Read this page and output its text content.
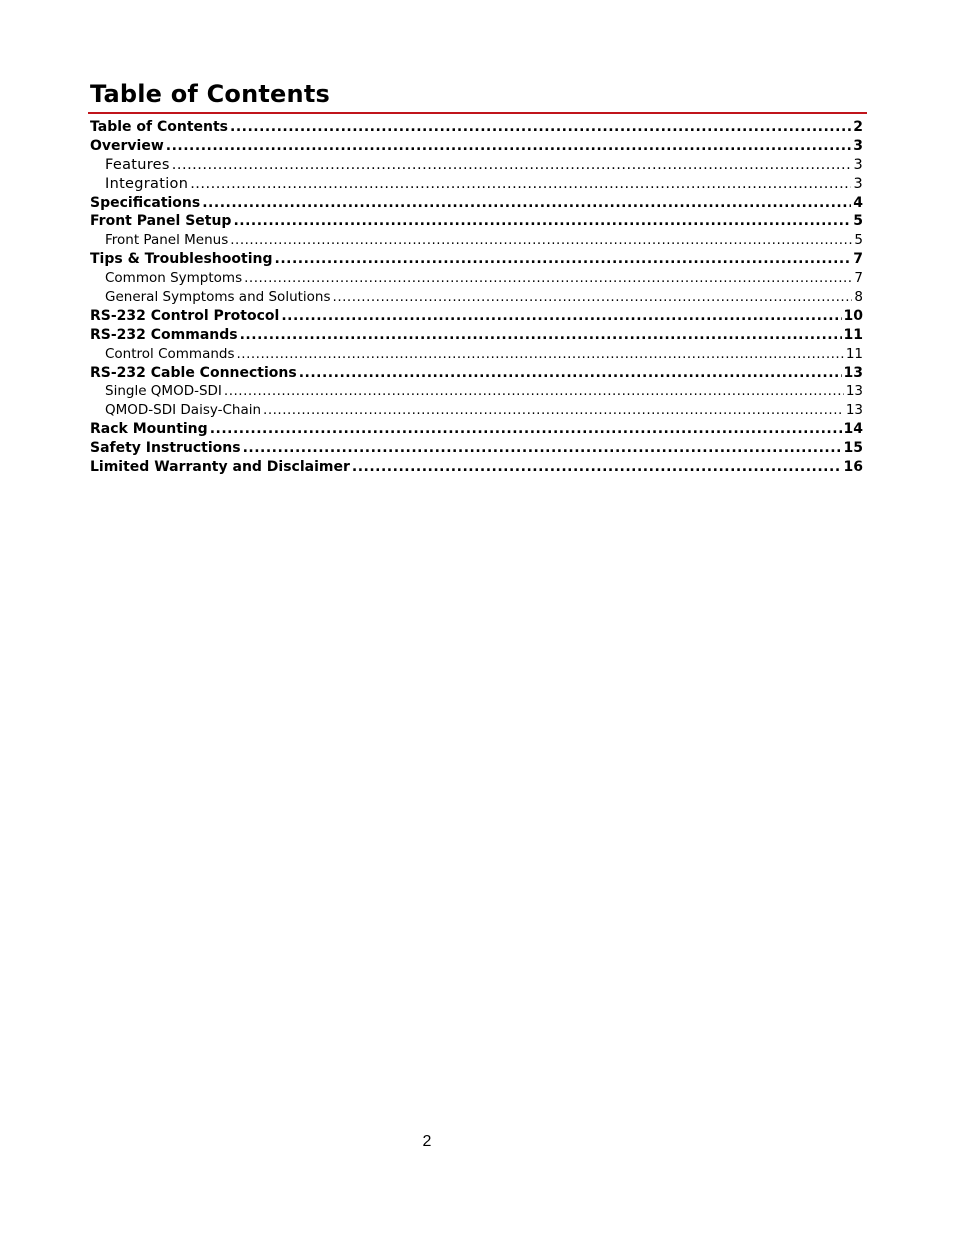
Table of Contents
Table of Contents .....	2
Overview .....	3
Features .....	3
Integration .....	3
Specifications .....	4
Front Panel Setup .....	5
Front Panel Menus .....	5
Tips & Troubleshooting .....	7
Common Symptoms .....	7
General Symptoms and Solutions .....	8
RS-232 Control Protocol .....	10
RS-232 Commands .....	11
Control Commands .....	11
RS-232 Cable Connections .....	13
Single QMOD-SDI .....	13
QMOD-SDI Daisy-Chain .....	13
Rack Mounting .....	14
Safety Instructions .....	15
Limited Warranty and Disclaimer .....	16
2
